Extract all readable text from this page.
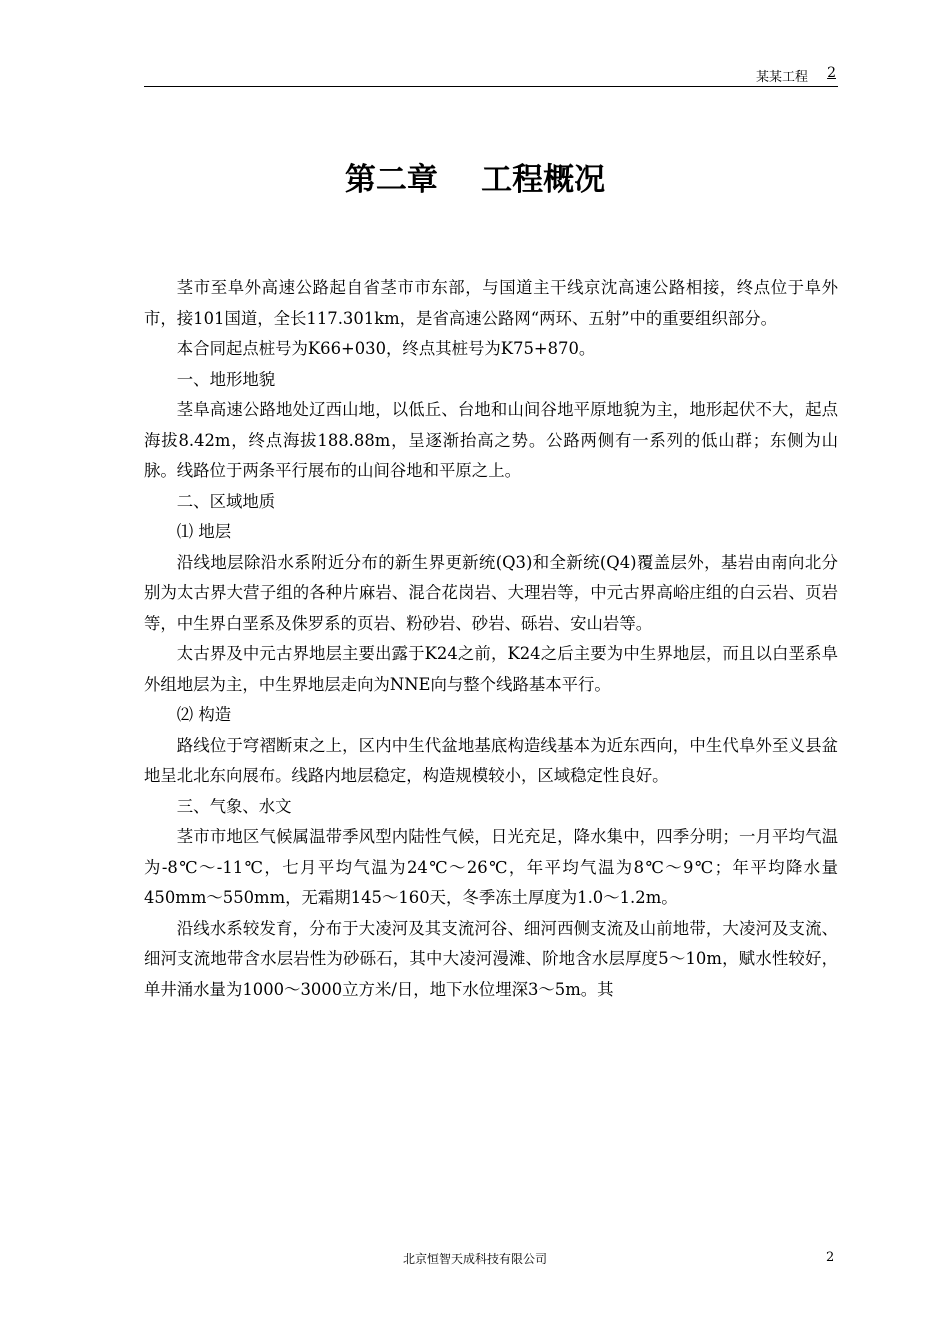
某某工程 2
第二章    工程概况

茎市至阜外高速公路起自省茎市市东部，与国道主干线京沈高速公路相接，终点位于阜外市，接101国道，全长117.301km，是省高速公路网“两环、五射”中的重要组织部分。

本合同起点桩号为K66+030，终点其桩号为K75+870。

一、地形地貌

茎阜高速公路地处辽西山地，以低丘、台地和山间谷地平原地貌为主，地形起伏不大，起点海拔8.42m，终点海拔188.88m，呈逐渐抬高之势。公路两侧有一系列的低山群；东侧为山脉。线路位于两条平行展布的山间谷地和平原之上。

二、区域地质

⑴ 地层

沿线地层除沿水系附近分布的新生界更新统(Q3)和全新统(Q4)覆盖层外，基岩由南向北分别为太古界大营子组的各种片麻岩、混合花岗岩、大理岩等，中元古界高峪庄组的白云岩、页岩等，中生界白垩系及侏罗系的页岩、粉砂岩、砂岩、砾岩、安山岩等。

太古界及中元古界地层主要出露于K24之前，K24之后主要为中生界地层，而且以白垩系阜外组地层为主，中生界地层走向为NNE向与整个线路基本平行。

⑵ 构造

路线位于穹褶断束之上，区内中生代盆地基底构造线基本为近东西向，中生代阜外至义县盆地呈北北东向展布。线路内地层稳定，构造规模较小，区域稳定性良好。

三、气象、水文

茎市市地区气候属温带季风型内陆性气候，日光充足，降水集中，四季分明；一月平均气温为-8℃～-11℃，七月平均气温为24℃～26℃，年平均气温为8℃～9℃；年平均降水量450mm～550mm，无霜期145～160天，冬季冻土厚度为1.0～1.2m。

沿线水系较发育，分布于大凌河及其支流河谷、细河西侧支流及山前地带，大凌河及支流、细河支流地带含水层岩性为砂砾石，其中大凌河漫滩、阶地含水层厚度5～10m，赋水性较好，单井涌水量为1000～3000立方米/日，地下水位埋深3～5m。其

北京恒智天成科技有限公司	2
